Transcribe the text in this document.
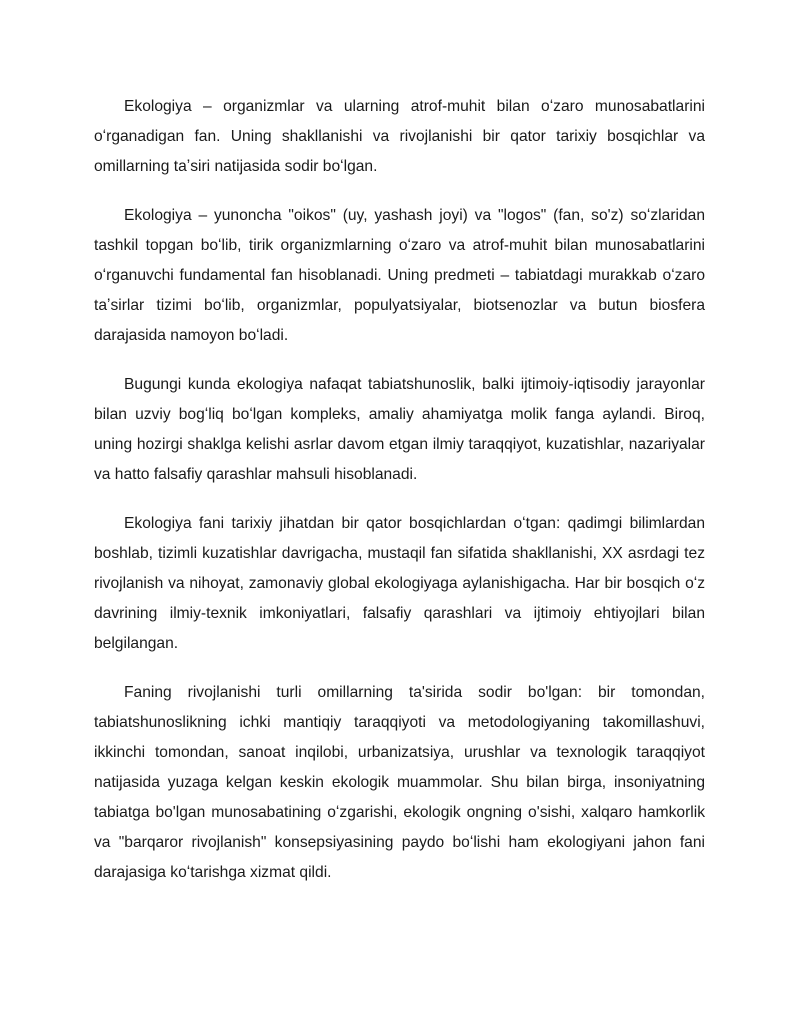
Ekologiya – organizmlar va ularning atrof-muhit bilan oʻzaro munosabatlarini oʻrganadigan fan. Uning shakllanishi va rivojlanishi bir qator tarixiy bosqichlar va omillarning taʼsiri natijasida sodir boʻlgan.

Ekologiya – yunoncha "oikos" (uy, yashash joyi) va "logos" (fan, so'z) soʻzlaridan tashkil topgan boʻlib, tirik organizmlarning oʻzaro va atrof-muhit bilan munosabatlarini oʻrganuvchi fundamental fan hisoblanadi. Uning predmeti – tabiatdagi murakkab oʻzaro taʼsirlar tizimi boʻlib, organizmlar, populyatsiyalar, biotsenozlar va butun biosfera darajasida namoyon boʻladi.

Bugungi kunda ekologiya nafaqat tabiatshunoslik, balki ijtimoiy-iqtisodiy jarayonlar bilan uzviy bogʻliq boʻlgan kompleks, amaliy ahamiyatga molik fanga aylandi. Biroq, uning hozirgi shaklga kelishi asrlar davom etgan ilmiy taraqqiyot, kuzatishlar, nazariyalar va hatto falsafiy qarashlar mahsuli hisoblanadi.

Ekologiya fani tarixiy jihatdan bir qator bosqichlardan oʻtgan: qadimgi bilimlardan boshlab, tizimli kuzatishlar davrigacha, mustaqil fan sifatida shakllanishi, XX asrdagi tez rivojlanish va nihoyat, zamonaviy global ekologiyaga aylanishigacha. Har bir bosqich oʻz davrining ilmiy-texnik imkoniyatlari, falsafiy qarashlari va ijtimoiy ehtiyojlari bilan belgilangan.

Faning rivojlanishi turli omillarning ta'sirida sodir bo'lgan: bir tomondan, tabiatshunoslikning ichki mantiqiy taraqqiyoti va metodologiyaning takomillashuvi, ikkinchi tomondan, sanoat inqilobi, urbanizatsiya, urushlar va texnologik taraqqiyot natijasida yuzaga kelgan keskin ekologik muammolar. Shu bilan birga, insoniyatning tabiatga bo'lgan munosabatining oʻzgarishi, ekologik ongning o'sishi, xalqaro hamkorlik va "barqaror rivojlanish" konsepsiyasining paydo boʻlishi ham ekologiyani jahon fani darajasiga koʻtarishga xizmat qildi.
